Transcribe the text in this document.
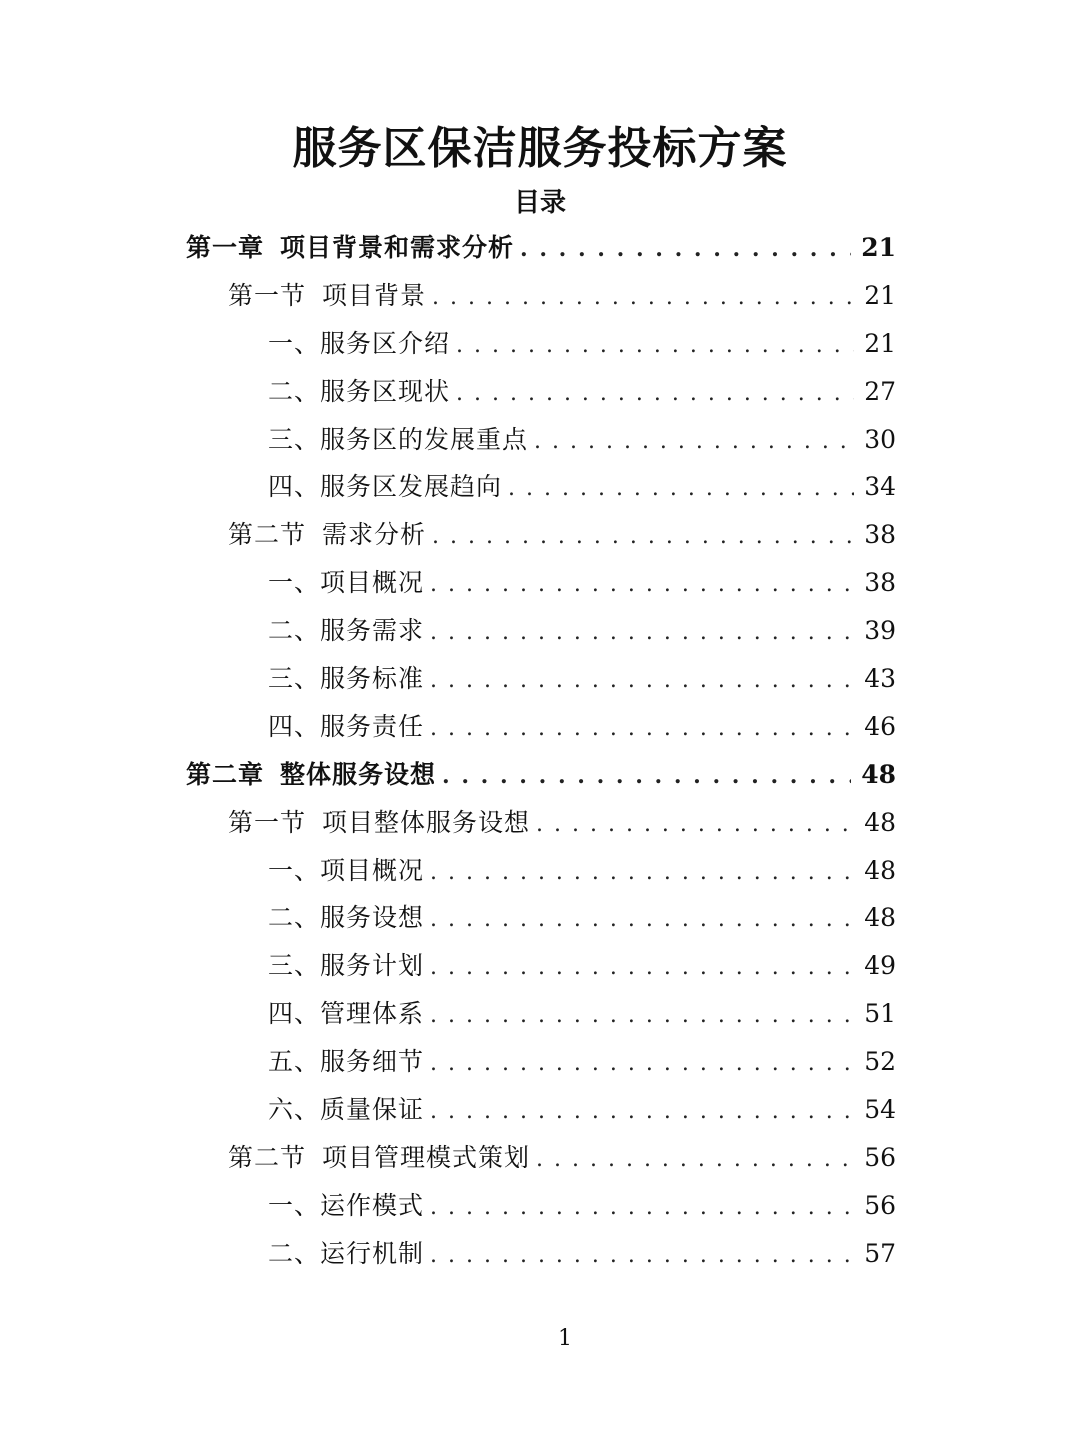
服务区保洁服务投标方案
目录
第一章 项目背景和需求分析 . . .	21
第一节 项目背景 . . .	21
一、服务区介绍 . . .	21
二、服务区现状 . . .	27
三、服务区的发展重点 . . .	30
四、服务区发展趋向 . . .	34
第二节 需求分析 . . .	38
一、项目概况 . . .	38
二、服务需求 . . .	39
三、服务标准 . . .	43
四、服务责任 . . .	46
第二章 整体服务设想 . . .	48
第一节 项目整体服务设想 . . .	48
一、项目概况 . . .	48
二、服务设想 . . .	48
三、服务计划 . . .	49
四、管理体系 . . .	51
五、服务细节 . . .	52
六、质量保证 . . .	54
第二节 项目管理模式策划 . . .	56
一、运作模式 . . .	56
二、运行机制 . . .	57
1
